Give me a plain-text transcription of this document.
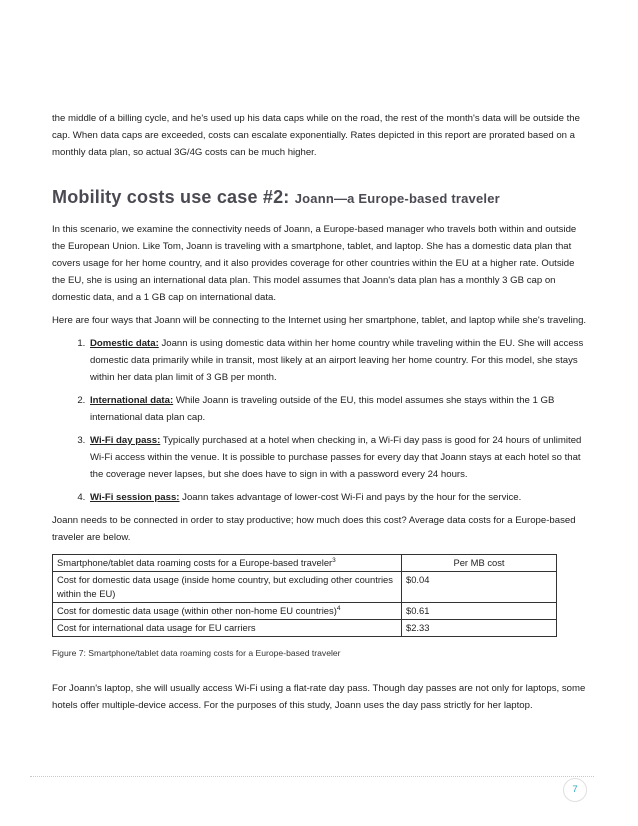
the middle of a billing cycle, and he's used up his data caps while on the road, the rest of the month's data will be outside the cap. When data caps are exceeded, costs can escalate exponentially. Rates depicted in this report are prorated based on a monthly data plan, so actual 3G/4G costs can be much higher.

Mobility costs use case #2: Joann—a Europe-based traveler

In this scenario, we examine the connectivity needs of Joann, a Europe-based manager who travels both within and outside the European Union. Like Tom, Joann is traveling with a smartphone, tablet, and laptop. She has a domestic data plan that covers usage for her home country, and it also provides coverage for other countries within the EU at a higher rate. Outside the EU, she is using an international data plan. This model assumes that Joann's data plan has a monthly 3 GB cap on domestic data, and a 1 GB cap on international data.

Here are four ways that Joann will be connecting to the Internet using her smartphone, tablet, and laptop while she's traveling.

1. Domestic data: Joann is using domestic data within her home country while traveling within the EU. She will access domestic data primarily while in transit, most likely at an airport leaving her home country. For this model, she stays within her data plan limit of 3 GB per month.
2. International data: While Joann is traveling outside of the EU, this model assumes she stays within the 1 GB international data plan cap.
3. Wi-Fi day pass: Typically purchased at a hotel when checking in, a Wi-Fi day pass is good for 24 hours of unlimited Wi-Fi access within the venue. It is possible to purchase passes for every day that Joann stays at each hotel so that the coverage never lapses, but she does have to sign in with a password every 24 hours.
4. Wi-Fi session pass: Joann takes advantage of lower-cost Wi-Fi and pays by the hour for the service.

Joann needs to be connected in order to stay productive; how much does this cost? Average data costs for a Europe-based traveler are below.

Smartphone/tablet data roaming costs for a Europe-based traveler$^3$	Per MB cost
Cost for domestic data usage (inside home country, but excluding other countries within the EU)	$0.04
Cost for domestic data usage (within other non-home EU countries)$^4$	$0.61
Cost for international data usage for EU carriers	$2.33

Figure 7: Smartphone/tablet data roaming costs for a Europe-based traveler

For Joann's laptop, she will usually access Wi-Fi using a flat-rate day pass. Though day passes are not only for laptops, some hotels offer multiple-device access. For the purposes of this study, Joann uses the day pass strictly for her laptop.

7
